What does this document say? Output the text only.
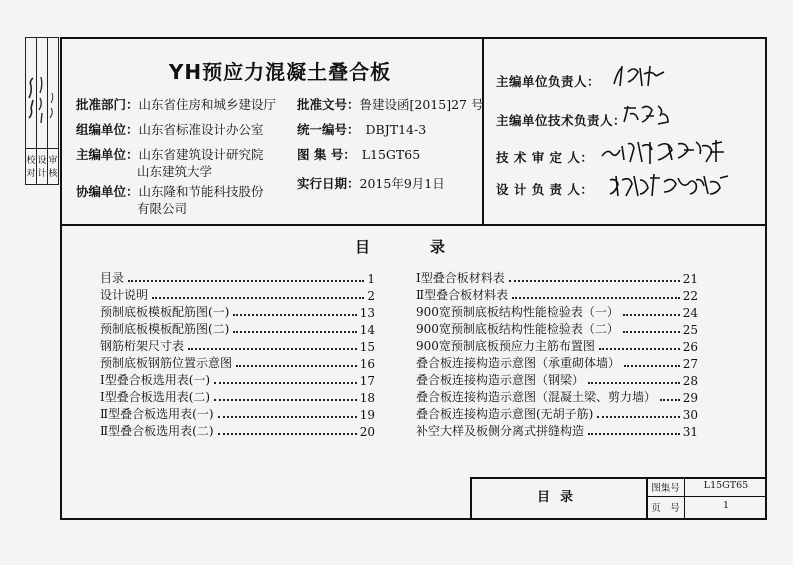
校 设 审
对 计 核
YH预应力混凝土叠合板
批准部门：山东省住房和城乡建设厅 批准文号：鲁建设函[2015]27 号
组编单位：山东省标准设计办公室	统一编号： DBJT14-3
主编单位：山东省建筑设计研究院
山东建筑大学
图 集 号： L15GT65
协编单位：山东隆和节能科技股份
有限公司
实行日期：2015年9月1日
主编单位负责人：
主编单位技术负责人：
技 术 审 定 人：
设 计 负 责 人：
目录
目录	1
设计说明	2
预制底板模板配筋图(一)	13
预制底板模板配筋图(二)	14
钢筋桁架尺寸表	15
预制底板钢筋位置示意图	16
Ⅰ型叠合板选用表(一)	17
Ⅰ型叠合板选用表(二)	18
Ⅱ型叠合板选用表(一)	19
Ⅱ型叠合板选用表(二)	20
Ⅰ型叠合板材料表	21
Ⅱ型叠合板材料表	22
900宽预制底板结构性能检验表（一）	24
900宽预制底板结构性能检验表（二）	25
900宽预制底板预应力主筋布置图	26
叠合板连接构造示意图（承重砌体墙）	27
叠合板连接构造示意图（钢梁）	28
叠合板连接构造示意图（混凝土梁、剪力墙） 29
叠合板连接构造示意图(无胡子筋)	30
补空大样及板侧分离式拼缝构造	31
目录
图集号	L15GT65
页　号	1
